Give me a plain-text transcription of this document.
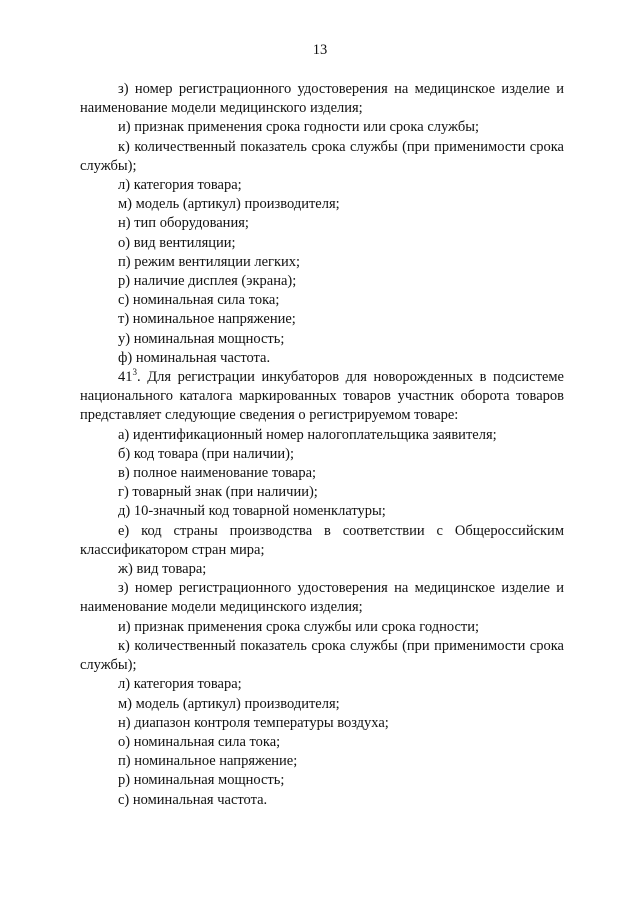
13

з) номер регистрационного удостоверения на медицинское изделие и наименование модели медицинского изделия;

и) признак применения срока годности или срока службы;

к) количественный показатель срока службы (при применимости срока службы);

л) категория товара;

м) модель (артикул) производителя;

н) тип оборудования;

о) вид вентиляции;

п) режим вентиляции легких;

р) наличие дисплея (экрана);

с) номинальная сила тока;

т) номинальное напряжение;

у) номинальная мощность;

ф) номинальная частота.

$41^3$. Для регистрации инкубаторов для новорожденных в подсистеме национального каталога маркированных товаров участник оборота товаров представляет следующие сведения о регистрируемом товаре:

а) идентификационный номер налогоплательщика заявителя;

б) код товара (при наличии);

в) полное наименование товара;

г) товарный знак (при наличии);

д) 10-значный код товарной номенклатуры;

е) код страны производства в соответствии с Общероссийским классификатором стран мира;

ж) вид товара;

з) номер регистрационного удостоверения на медицинское изделие и наименование модели медицинского изделия;

и) признак применения срока службы или срока годности;

к) количественный показатель срока службы (при применимости срока службы);

л) категория товара;

м) модель (артикул) производителя;

н) диапазон контроля температуры воздуха;

о) номинальная сила тока;

п) номинальное напряжение;

р) номинальная мощность;

с) номинальная частота.
